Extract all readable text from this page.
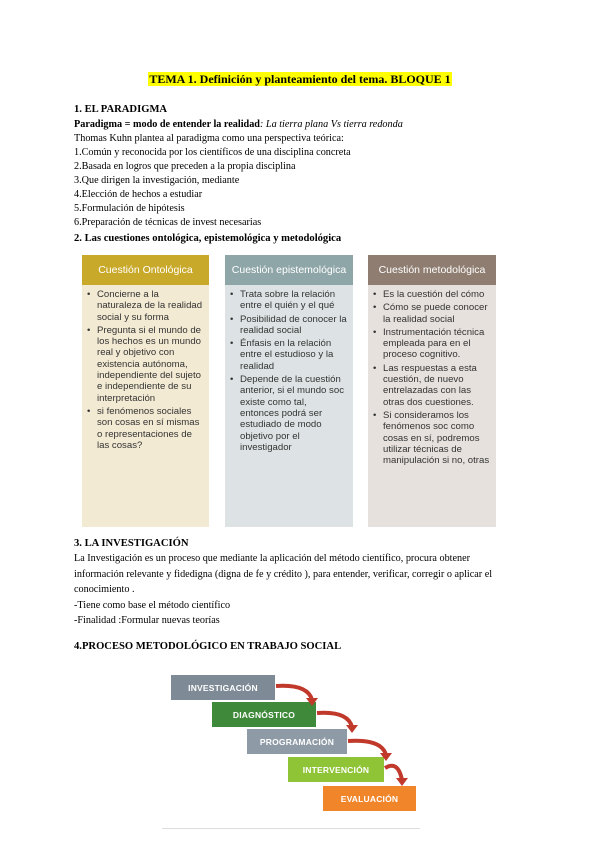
TEMA 1. Definición y planteamiento del tema. BLOQUE 1
1. EL PARADIGMA
Paradigma = modo de entender la realidad: La tierra plana Vs tierra redonda
Thomas Kuhn plantea al paradigma como una perspectiva teórica:
1.Común y reconocida por los científicos de una disciplina concreta
2.Basada en logros que preceden a la propia disciplina
3.Que dirigen la investigación, mediante
4.Elección de hechos a estudiar
5.Formulación de hipótesis
6.Preparación de técnicas de invest necesarias
2. Las cuestiones ontológica, epistemológica y metodológica
Cuestión Ontológica
• Concierne a la naturaleza de la realidad social y su forma
• Pregunta si el mundo de los hechos es un mundo real y objetivo con existencia autónoma, independiente del sujeto e independiente de su interpretación
• si fenómenos sociales son cosas en sí mismas o representaciones de las cosas?
Cuestión epistemológica
• Trata sobre la relación entre el quién y el qué
• Posibilidad de conocer la realidad social
• Énfasis en la relación entre el estudioso y la realidad
• Depende de la cuestión anterior, si el mundo soc existe como tal, entonces podrá ser estudiado de modo objetivo por el investigador
Cuestión metodológica
• Es la cuestión del cómo
• Cómo se puede conocer la realidad social
• Instrumentación técnica empleada para en el proceso cognitivo.
• Las respuestas a esta cuestión, de nuevo entrelazadas con las otras dos cuestiones.
• Si consideramos los fenómenos soc como cosas en sí, podremos utilizar técnicas de manipulación si no, otras
3. LA INVESTIGACIÓN
La Investigación es un proceso que mediante la aplicación del método científico, procura obtener
información relevante y fidedigna (digna de fe y crédito ), para entender, verificar, corregir o aplicar el
conocimiento .
-Tiene como base el método científico
-Finalidad :Formular nuevas teorías
4.PROCESO METODOLÓGICO EN TRABAJO SOCIAL
INVESTIGACIÓN
DIAGNÓSTICO
PROGRAMACIÓN
INTERVENCIÓN
EVALUACIÓN
